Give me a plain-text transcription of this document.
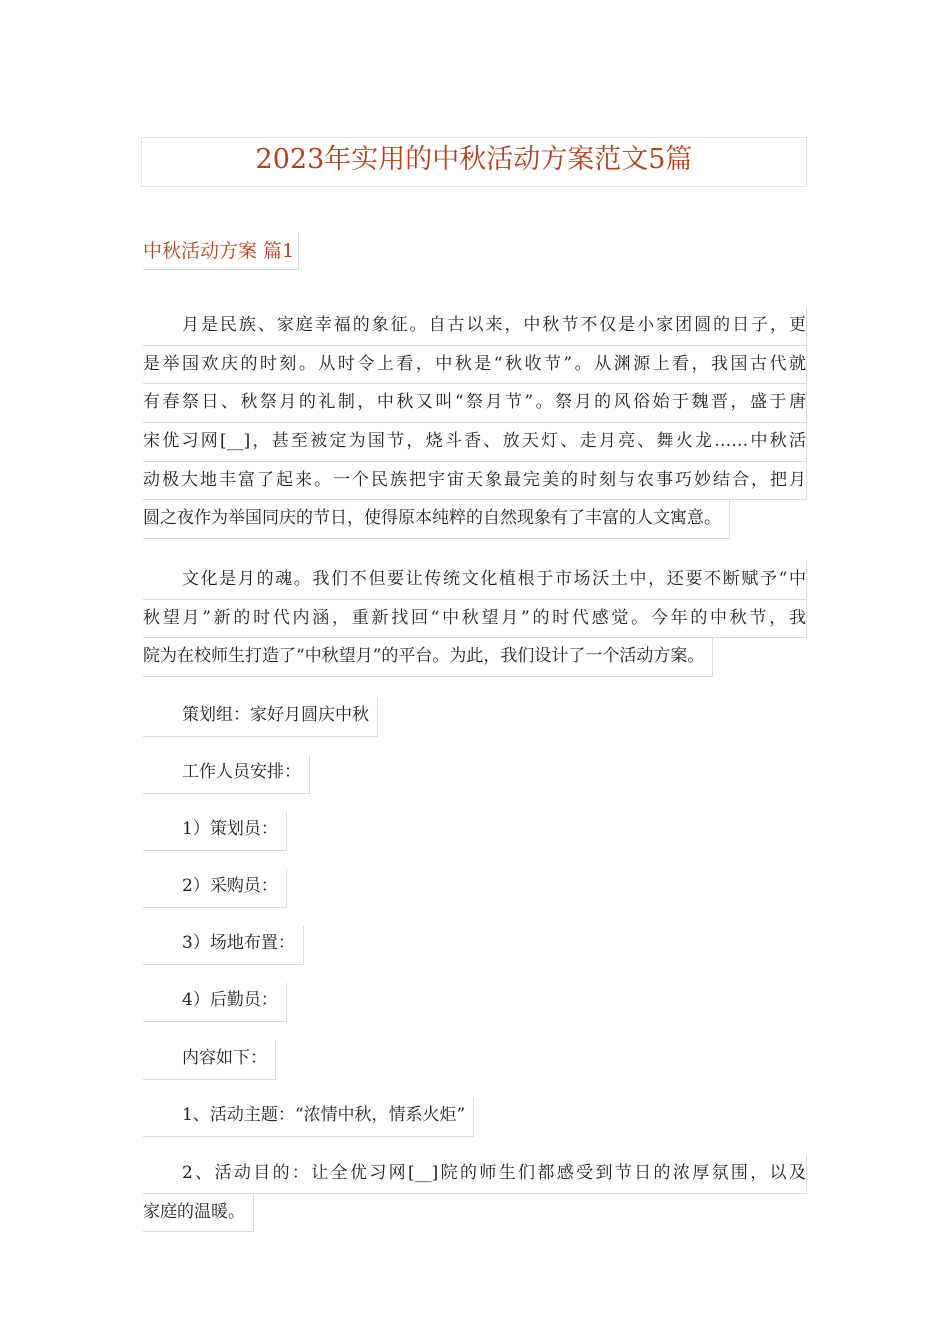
2023年实用的中秋活动方案范文5篇
中秋活动方案 篇1
月是民族、家庭幸福的象征。自古以来，中秋节不仅是小家团圆的日子，更
是举国欢庆的时刻。从时令上看，中秋是“秋收节”。从渊源上看，我国古代就
有春祭日、秋祭月的礼制，中秋又叫“祭月节”。祭月的风俗始于魏晋，盛于唐
宋优习网[__]，甚至被定为国节，烧斗香、放天灯、走月亮、舞火龙……中秋活
动极大地丰富了起来。一个民族把宇宙天象最完美的时刻与农事巧妙结合，把月
圆之夜作为举国同庆的节日，使得原本纯粹的自然现象有了丰富的人文寓意。
文化是月的魂。我们不但要让传统文化植根于市场沃土中，还要不断赋予“中
秋望月”新的时代内涵，重新找回“中秋望月”的时代感觉。今年的中秋节，我
院为在校师生打造了“中秋望月”的平台。为此，我们设计了一个活动方案。
策划组：家好月圆庆中秋
工作人员安排：
1）策划员：
2）采购员：
3）场地布置：
4）后勤员：
内容如下：
1、活动主题：“浓情中秋，情系火炬”
2、活动目的：让全优习网[__]院的师生们都感受到节日的浓厚氛围，以及
家庭的温暖。
